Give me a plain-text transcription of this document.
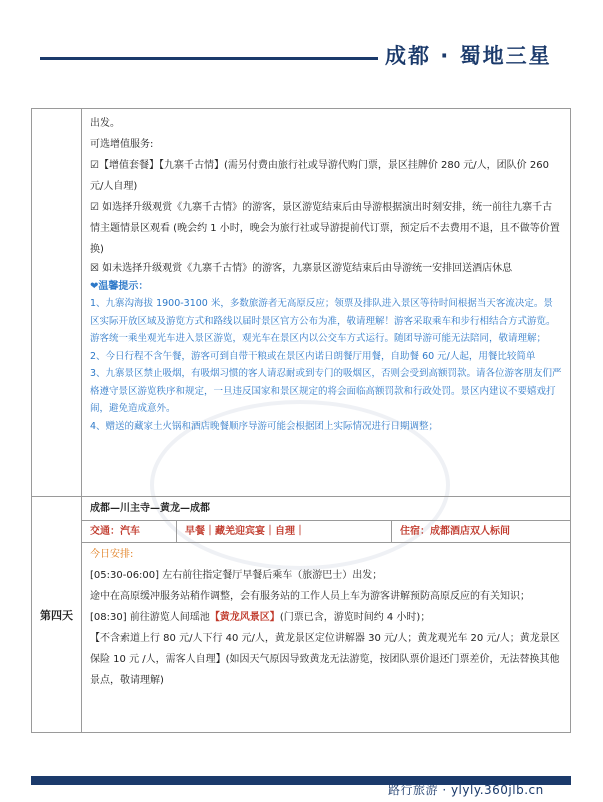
成都 · 蜀地三星

出发。

可选增值服务:

☑【增值套餐】【九寨千古情】(需另付费由旅行社或导游代购门票，景区挂牌价 280 元/人，团队价 260 元/人自理)

☑ 如选择升级观赏《九寨千古情》的游客，景区游览结束后由导游根据演出时刻安排，统一前往九寨千古情主题情景区观看 (晚会约 1 小时，晚会为旅行社或导游提前代订票，预定后不去费用不退，且不做等价置换)

☒ 如未选择升级观赏《九寨千古情》的游客，九寨景区游览结束后由导游统一安排回送酒店休息

❤温馨提示：

1、九寨沟海拔 1900-3100 米，多数旅游者无高原反应；领票及排队进入景区等待时间根据当天客流决定。景区实际开放区域及游览方式和路线以届时景区官方公布为准，敬请理解！游客采取乘车和步行相结合方式游览。游客统一乘坐观光车进入景区游览，观光车在景区内以公交车方式运行。随团导游可能无法陪同，敬请理解；

2、今日行程不含午餐，游客可到自带干粮或在景区内诺日朗餐厅用餐，自助餐 60 元/人起，用餐比较简单

3、九寨景区禁止吸烟，有吸烟习惯的客人请忍耐或到专门的吸烟区，否则会受到高额罚款。请各位游客朋友们严格遵守景区游览秩序和规定，一旦违反国家和景区规定的将会面临高额罚款和行政处罚。景区内建议不要嬉戏打闹，避免造成意外。

4、赠送的藏家土火锅和酒店晚餐顺序导游可能会根据团上实际情况进行日期调整；

第四天
成都—川主寺—黄龙—成都
交通：汽车	早餐｜藏羌迎宾宴｜自理｜	住宿：成都酒店双人标间

今日安排:

[05:30-06:00] 左右前往指定餐厅早餐后乘车（旅游巴士）出发；

途中在高原缓冲服务站稍作调整，会有服务站的工作人员上车为游客讲解预防高原反应的有关知识；

[08:30] 前往游览人间瑶池【黄龙风景区】(门票已含，游览时间约 4 小时)；

【不含索道上行 80 元/人下行 40 元/人，黄龙景区定位讲解器 30 元/人；黄龙观光车 20 元/人；黄龙景区保险 10 元 /人，需客人自理】(如因天气原因导致黄龙无法游览，按团队票价退还门票差价，无法替换其他景点，敬请理解)

路行旅游 · ylyly.360jlb.cn
